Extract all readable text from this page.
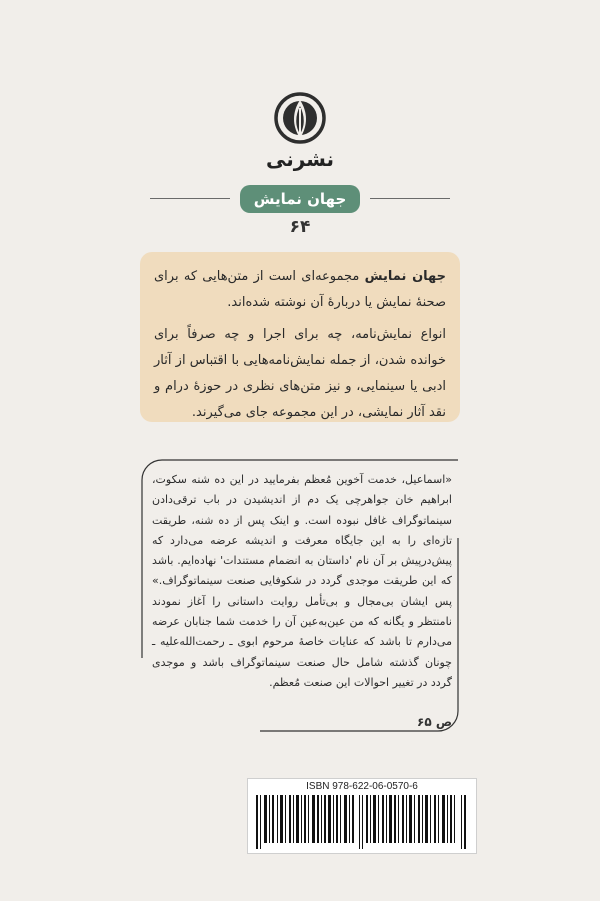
نشرنی
جهان نمایش
۶۴

جهان نمایش مجموعه‌ای است از متن‌هایی که برای صحنهٔ نمایش یا دربارهٔ آن نوشته شده‌اند.

انواع نمایش‌نامه، چه برای اجرا و چه صرفاً برای خوانده شدن، از جمله نمایش‌نامه‌هایی با اقتباس از آثار ادبی یا سینمایی، و نیز متن‌های نظری در حوزهٔ درام و نقد آثار نمایشی، در این مجموعه جای می‌گیرند.

«اسماعیل، خدمت آخوین مُعظم بفرمایید در این ده شنه سکوت، ابراهیم خان جواهرچی یک دم از اندیشیدن در باب ترقی‌دادن سینماتوگراف غافل نبوده است. و اینک پس از ده شنه، طریقت تازه‌ای را به این جایگاه معرفت و اندیشه عرضه می‌دارد که پیش‌درپیش بر آن نام 'داستان به انضمام مستندات' نهاده‌ایم. باشد که این طریقت موجدی گردد در شکوفایی صنعت سینماتوگراف.» پس ایشان بی‌مجال و بی‌تأمل روایت داستانی را آغاز نمودند نامنتظر و یگانه که من عین‌به‌عین آن را خدمت شما جنابان عرضه می‌دارم تا باشد که عنایات خاصهٔ مرحوم ابوی ـ رحمت‌الله‌علیه ـ چونان گذشته شامل حال صنعت سینماتوگراف باشد و موجدی گردد در تغییر احوالات این صنعت مُعظم.

ص ۶۵
ISBN 978-622-06-0570-6
